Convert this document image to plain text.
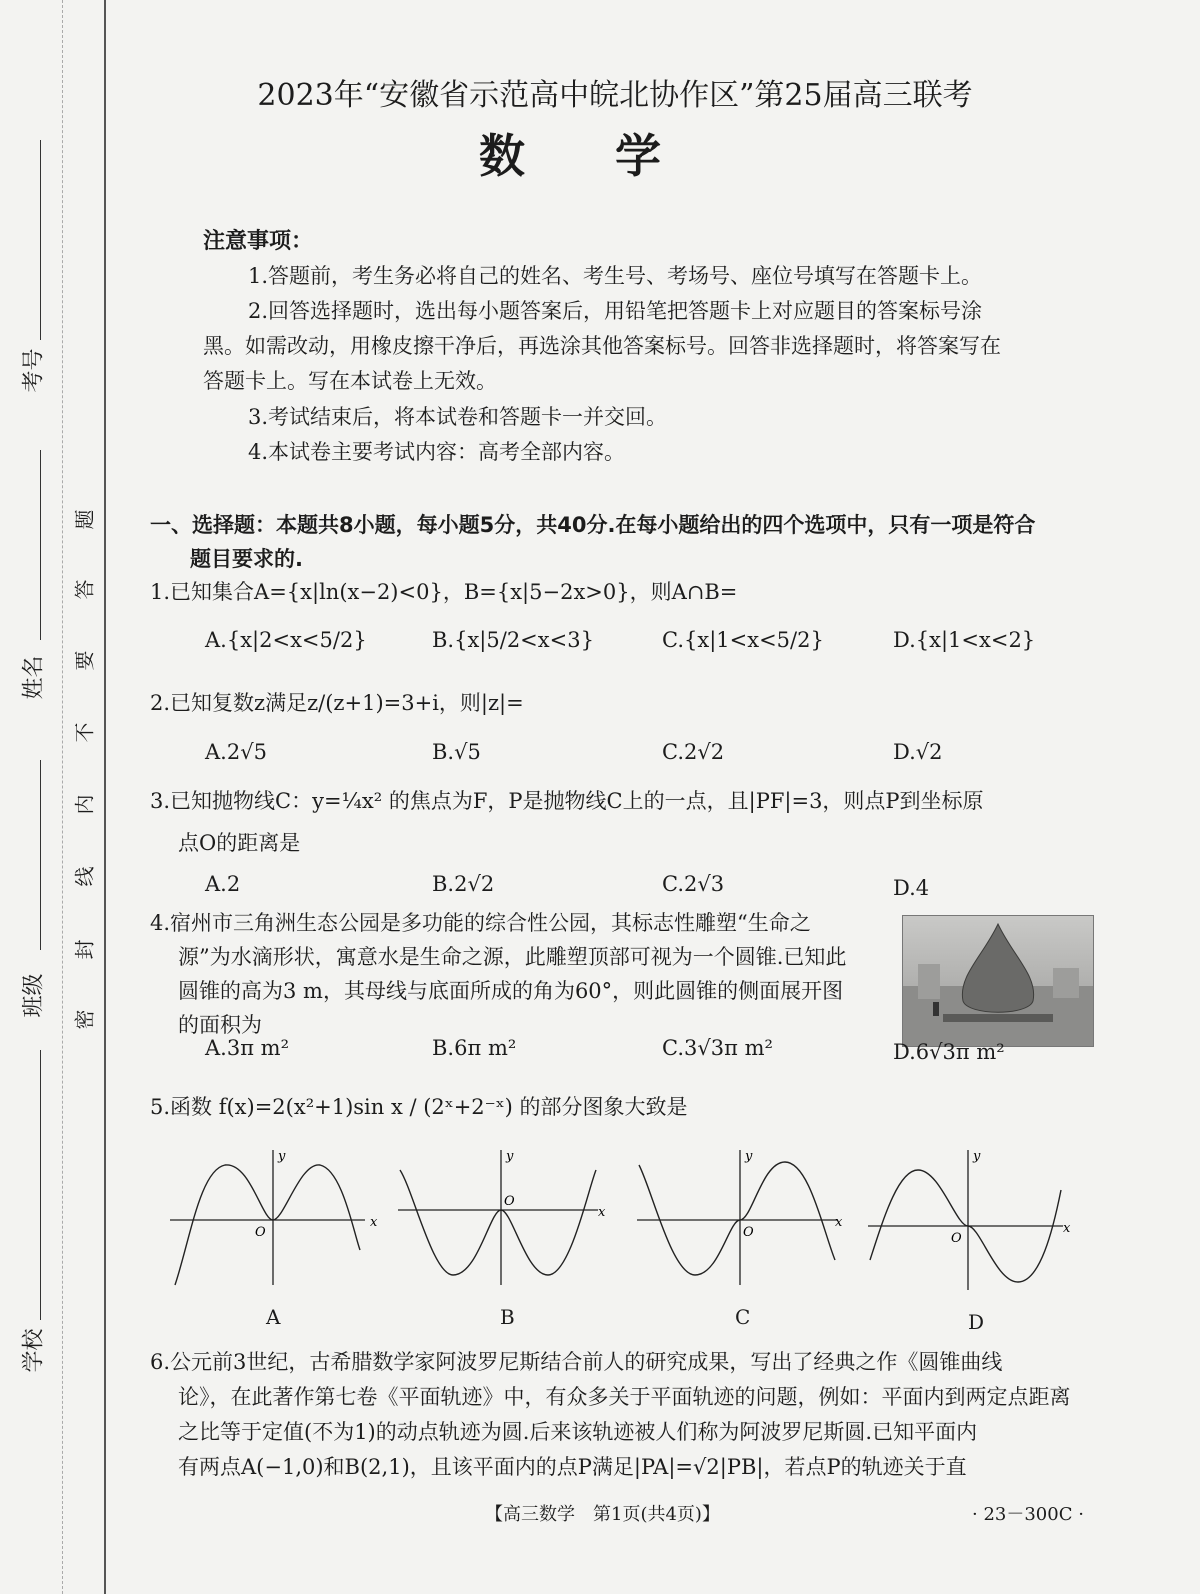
考号
姓名
班级
学校
密
封
线
内
不
要
答
题
2023年“安徽省示范高中皖北协作区”第25届高三联考
数学
注意事项：
1.答题前，考生务必将自己的姓名、考生号、考场号、座位号填写在答题卡上。
2.回答选择题时，选出每小题答案后，用铅笔把答题卡上对应题目的答案标号涂
黑。如需改动，用橡皮擦干净后，再选涂其他答案标号。回答非选择题时，将答案写在
答题卡上。写在本试卷上无效。
3.考试结束后，将本试卷和答题卡一并交回。
4.本试卷主要考试内容：高考全部内容。
一、选择题：本题共8小题，每小题5分，共40分.在每小题给出的四个选项中，只有一项是符合
题目要求的.
1.已知集合A={x|ln(x−2)<0}，B={x|5−2x>0}，则A∩B=
A.{x|2<x<5/2}	B.{x|5/2<x<3}	C.{x|1<x<5/2}	D.{x|1<x<2}
2.已知复数z满足z/(z+1)=3+i，则|z|=
A.2√5	B.√5	C.2√2	D.√2
3.已知抛物线C：y=¼x² 的焦点为F，P是抛物线C上的一点，且|PF|=3，则点P到坐标原
点O的距离是
A.2	B.2√2	C.2√3	D.4
4.宿州市三角洲生态公园是多功能的综合性公园，其标志性雕塑“生命之
源”为水滴形状，寓意水是生命之源，此雕塑顶部可视为一个圆锥.已知此
圆锥的高为3 m，其母线与底面所成的角为60°，则此圆锥的侧面展开图
的面积为
A.3π m²	B.6π m²	C.3√3π m²	D.6√3π m²
5.函数 f(x)=2(x²+1)sin x / (2ˣ+2⁻ˣ) 的部分图象大致是
x
y
O
x
y
O
x
y
O	x
y
O
A	B	C	D
6.公元前3世纪，古希腊数学家阿波罗尼斯结合前人的研究成果，写出了经典之作《圆锥曲线
论》，在此著作第七卷《平面轨迹》中，有众多关于平面轨迹的问题，例如：平面内到两定点距离
之比等于定值(不为1)的动点轨迹为圆.后来该轨迹被人们称为阿波罗尼斯圆.已知平面内
有两点A(−1,0)和B(2,1)，且该平面内的点P满足|PA|=√2|PB|，若点P的轨迹关于直
【高三数学　第1页(共4页)】	· 23－300C ·
